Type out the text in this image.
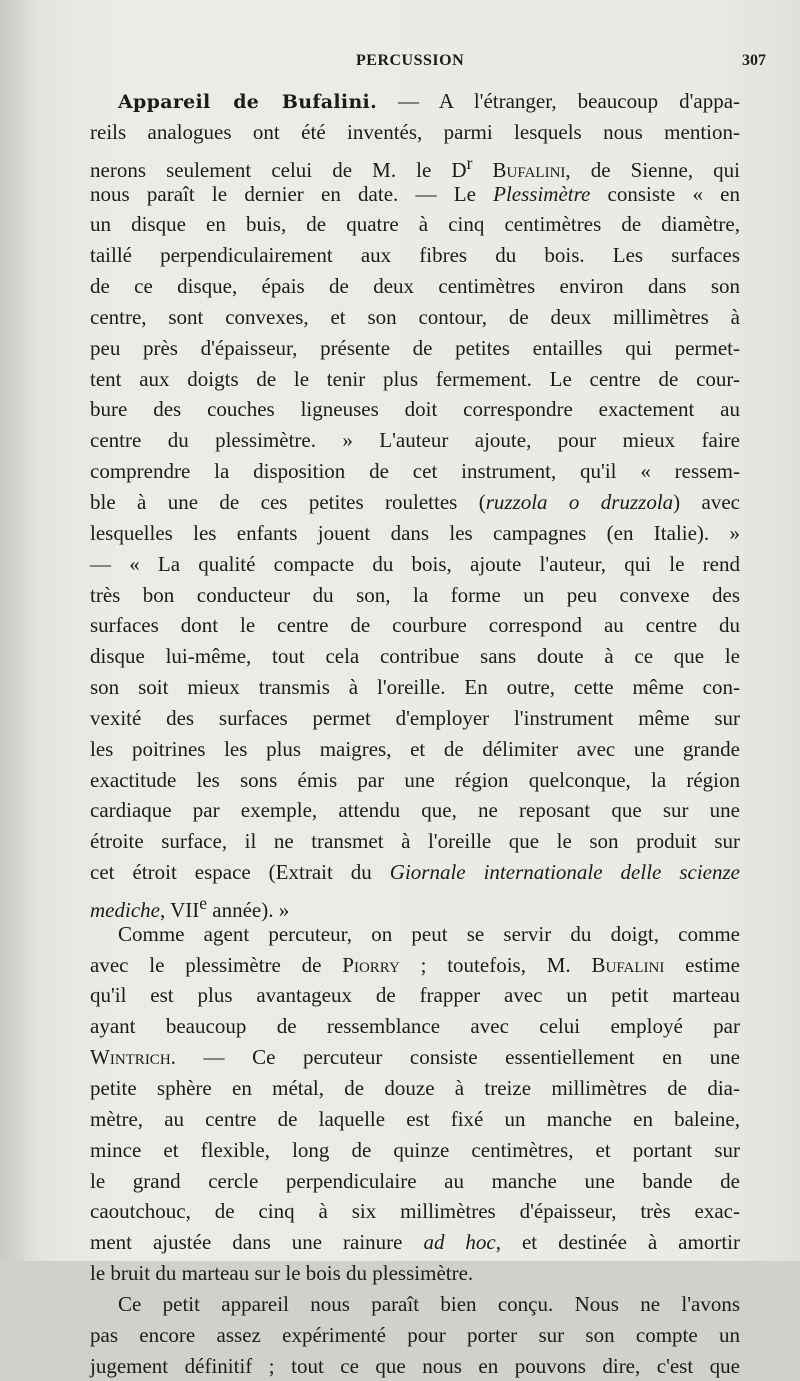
PERCUSSION	307
Appareil de Bufalini. — A l'étranger, beaucoup d'appa-
reils analogues ont été inventés, parmi lesquels nous mention-
nerons seulement celui de M. le $D^r$ Bufalini, de Sienne, qui
nous paraît le dernier en date. — Le Plessimètre consiste « en
un disque en buis, de quatre à cinq centimètres de diamètre,
taillé perpendiculairement aux fibres du bois. Les surfaces
de ce disque, épais de deux centimètres environ dans son
centre, sont convexes, et son contour, de deux millimètres à
peu près d'épaisseur, présente de petites entailles qui permet-
tent aux doigts de le tenir plus fermement. Le centre de cour-
bure des couches ligneuses doit correspondre exactement au
centre du plessimètre. » L'auteur ajoute, pour mieux faire
comprendre la disposition de cet instrument, qu'il « ressem-
ble à une de ces petites roulettes (ruzzola o druzzola) avec
lesquelles les enfants jouent dans les campagnes (en Italie). »
— « La qualité compacte du bois, ajoute l'auteur, qui le rend
très bon conducteur du son, la forme un peu convexe des
surfaces dont le centre de courbure correspond au centre du
disque lui-même, tout cela contribue sans doute à ce que le
son soit mieux transmis à l'oreille. En outre, cette même con-
vexité des surfaces permet d'employer l'instrument même sur
les poitrines les plus maigres, et de délimiter avec une grande
exactitude les sons émis par une région quelconque, la région
cardiaque par exemple, attendu que, ne reposant que sur une
étroite surface, il ne transmet à l'oreille que le son produit sur
cet étroit espace (Extrait du Giornale internationale delle scienze
mediche, VIIe année). »
Comme agent percuteur, on peut se servir du doigt, comme
avec le plessimètre de Piorry ; toutefois, M. Bufalini estime
qu'il est plus avantageux de frapper avec un petit marteau
ayant beaucoup de ressemblance avec celui employé par
Wintrich. — Ce percuteur consiste essentiellement en une
petite sphère en métal, de douze à treize millimètres de dia-
mètre, au centre de laquelle est fixé un manche en baleine,
mince et flexible, long de quinze centimètres, et portant sur
le grand cercle perpendiculaire au manche une bande de
caoutchouc, de cinq à six millimètres d'épaisseur, très exac-
ment ajustée dans une rainure ad hoc, et destinée à amortir
le bruit du marteau sur le bois du plessimètre.
Ce petit appareil nous paraît bien conçu. Nous ne l'avons
pas encore assez expérimenté pour porter sur son compte un
jugement définitif ; tout ce que nous en pouvons dire, c'est que
